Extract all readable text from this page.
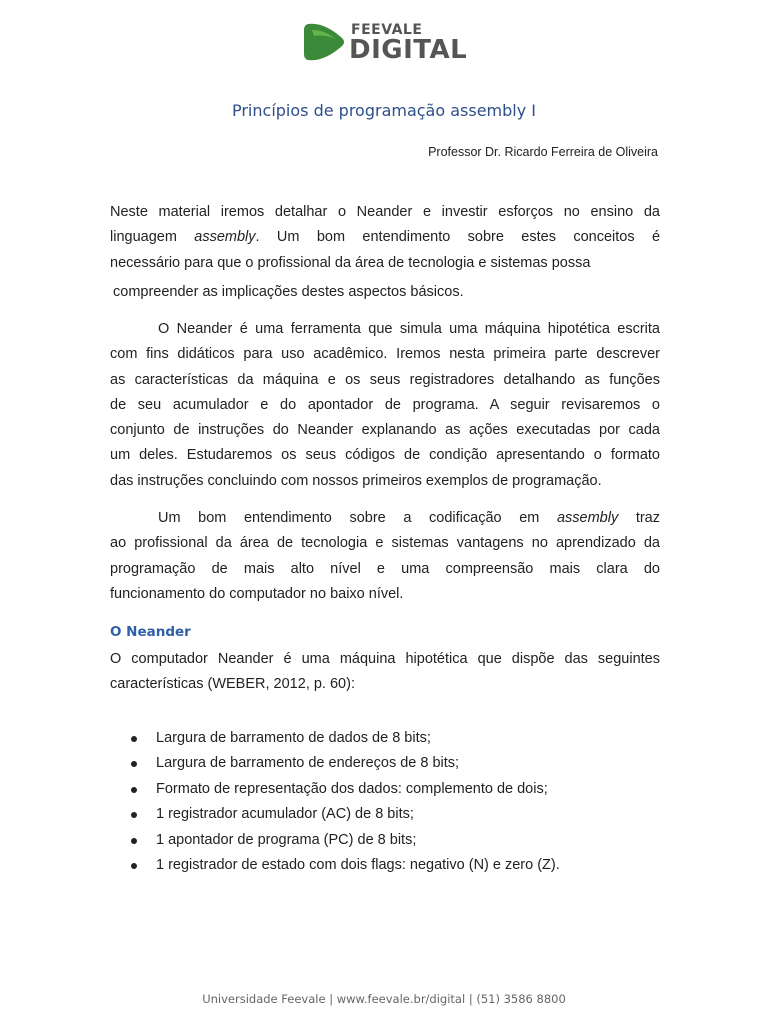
FEEVALE
DIGITAL
Princípios de programação assembly I
Professor Dr. Ricardo Ferreira de Oliveira
Neste material iremos detalhar o Neander e investir esforços no ensino da
linguagem assembly. Um bom entendimento sobre estes conceitos é
necessário para que o profissional da área de tecnologia e sistemas possa
compreender as implicações destes aspectos básicos.
O Neander é uma ferramenta que simula uma máquina hipotética escrita
com fins didáticos para uso acadêmico. Iremos nesta primeira parte descrever
as características da máquina e os seus registradores detalhando as funções
de seu acumulador e do apontador de programa. A seguir revisaremos o
conjunto de instruções do Neander explanando as ações executadas por cada
um deles. Estudaremos os seus códigos de condição apresentando o formato
das instruções concluindo com nossos primeiros exemplos de programação.
Um bom entendimento sobre a codificação em assembly traz
ao profissional da área de tecnologia e sistemas vantagens no aprendizado da
programação de mais alto nível e uma compreensão mais clara do
funcionamento do computador no baixo nível.
O Neander
O computador Neander é uma máquina hipotética que dispõe das seguintes
características (WEBER, 2012, p. 60):
Largura de barramento de dados de 8 bits;
Largura de barramento de endereços de 8 bits;
Formato de representação dos dados: complemento de dois;
1 registrador acumulador (AC) de 8 bits;
1 apontador de programa (PC) de 8 bits;
1 registrador de estado com dois flags: negativo (N) e zero (Z).
Universidade Feevale | www.feevale.br/digital | (51) 3586 8800
